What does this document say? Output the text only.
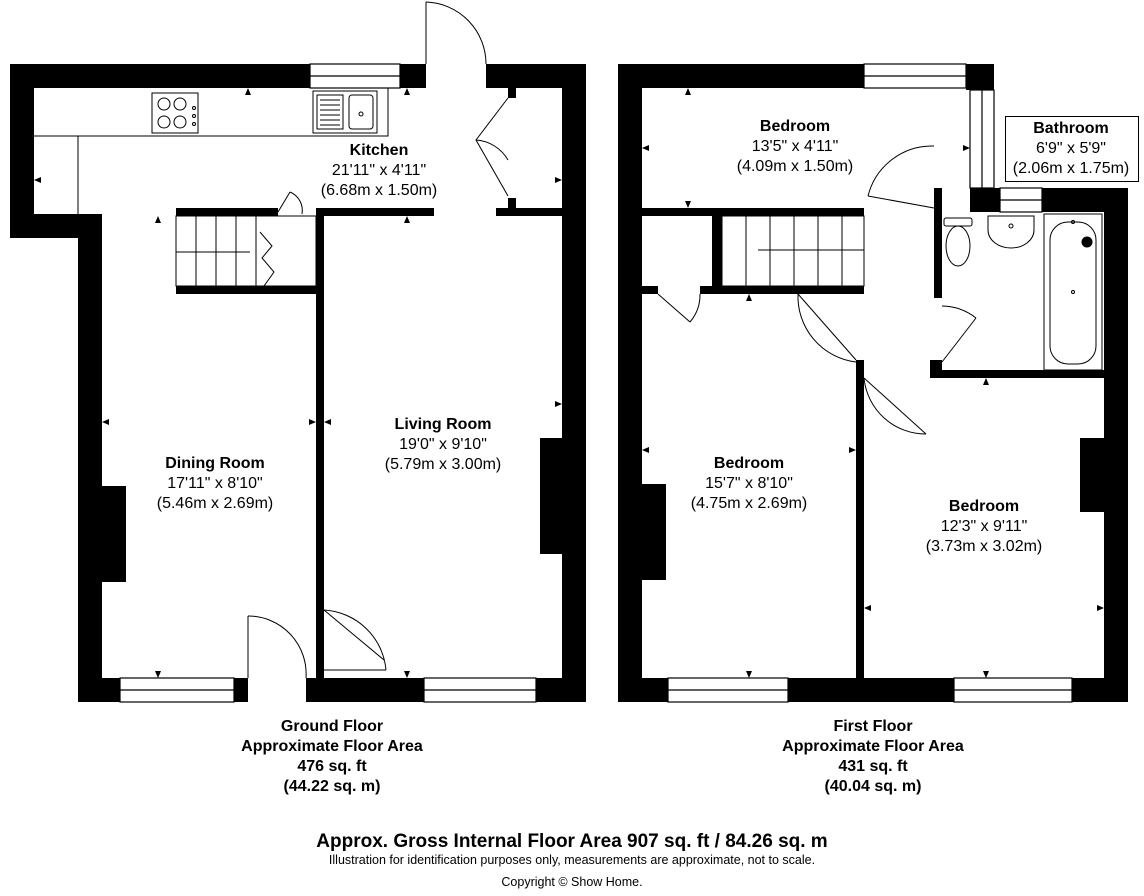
Kitchen
21'11" x 4'11"
(6.68m x 1.50m)
Dining Room
17'11" x 8'10"
(5.46m x 2.69m)
Living Room
19'0" x 9'10"
(5.79m x 3.00m)
Bedroom
13'5" x 4'11"
(4.09m x 1.50m)
Bathroom
6'9" x 5'9"
(2.06m x 1.75m)
Bedroom
15'7" x 8'10"
(4.75m x 2.69m)	Bedroom
12'3" x 9'11"
(3.73m x 3.02m)
Ground Floor
Approximate Floor Area
476 sq. ft
(44.22 sq. m)
First Floor
Approximate Floor Area
431 sq. ft
(40.04 sq. m)
Approx. Gross Internal Floor Area 907 sq. ft / 84.26 sq. m
Illustration for identification purposes only, measurements are approximate, not to scale.
Copyright © Show Home.
